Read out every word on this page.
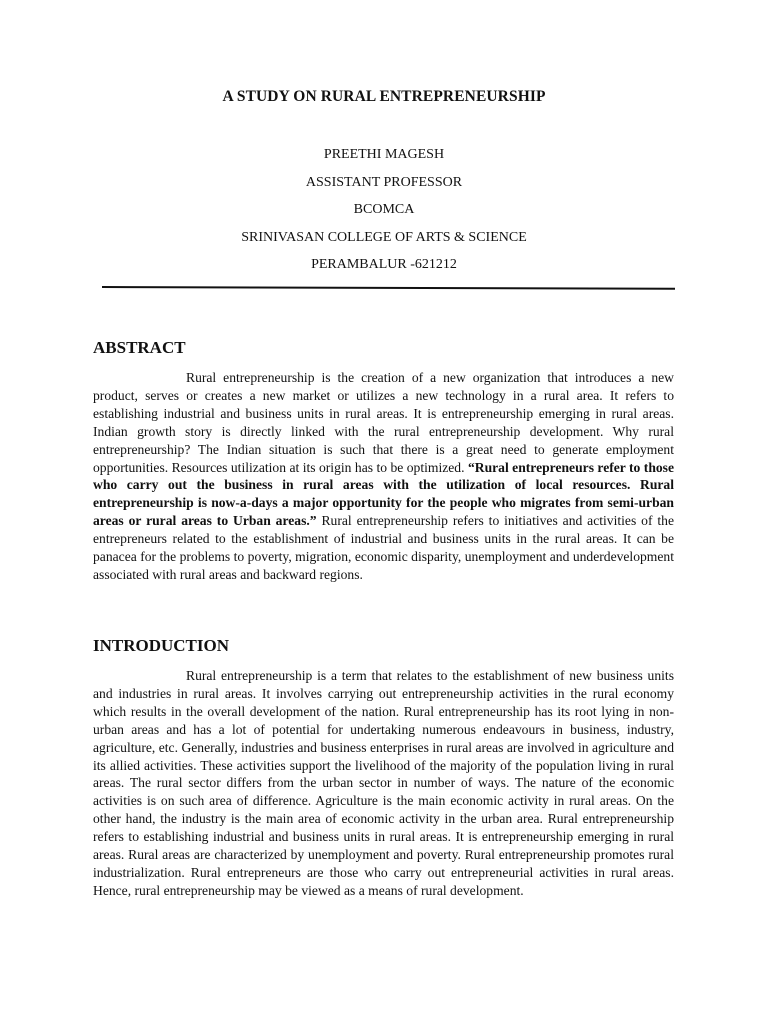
A STUDY ON RURAL ENTREPRENEURSHIP
PREETHI MAGESH
ASSISTANT PROFESSOR
BCOMCA
SRINIVASAN COLLEGE OF ARTS & SCIENCE
PERAMBALUR -621212
ABSTRACT

Rural entrepreneurship is the creation of a new organization that introduces a new product, serves or creates a new market or utilizes a new technology in a rural area. It refers to establishing industrial and business units in rural areas. It is entrepreneurship emerging in rural areas. Indian growth story is directly linked with the rural entrepreneurship development. Why rural entrepreneurship? The Indian situation is such that there is a great need to generate employment opportunities. Resources utilization at its origin has to be optimized. “Rural entrepreneurs refer to those who carry out the business in rural areas with the utilization of local resources. Rural entrepreneurship is now-a-days a major opportunity for the people who migrates from semi-urban areas or rural areas to Urban areas.” Rural entrepreneurship refers to initiatives and activities of the entrepreneurs related to the establishment of industrial and business units in the rural areas. It can be panacea for the problems to poverty, migration, economic disparity, unemployment and underdevelopment associated with rural areas and backward regions.

INTRODUCTION

Rural entrepreneurship is a term that relates to the establishment of new business units and industries in rural areas. It involves carrying out entrepreneurship activities in the rural economy which results in the overall development of the nation. Rural entrepreneurship has its root lying in non-urban areas and has a lot of potential for undertaking numerous endeavours in business, industry, agriculture, etc. Generally, industries and business enterprises in rural areas are involved in agriculture and its allied activities. These activities support the livelihood of the majority of the population living in rural areas. The rural sector differs from the urban sector in number of ways. The nature of the economic activities is on such area of difference. Agriculture is the main economic activity in rural areas. On the other hand, the industry is the main area of economic activity in the urban area. Rural entrepreneurship refers to establishing industrial and business units in rural areas. It is entrepreneurship emerging in rural areas. Rural areas are characterized by unemployment and poverty. Rural entrepreneurship promotes rural industrialization. Rural entrepreneurs are those who carry out entrepreneurial activities in rural areas. Hence, rural entrepreneurship may be viewed as a means of rural development.
